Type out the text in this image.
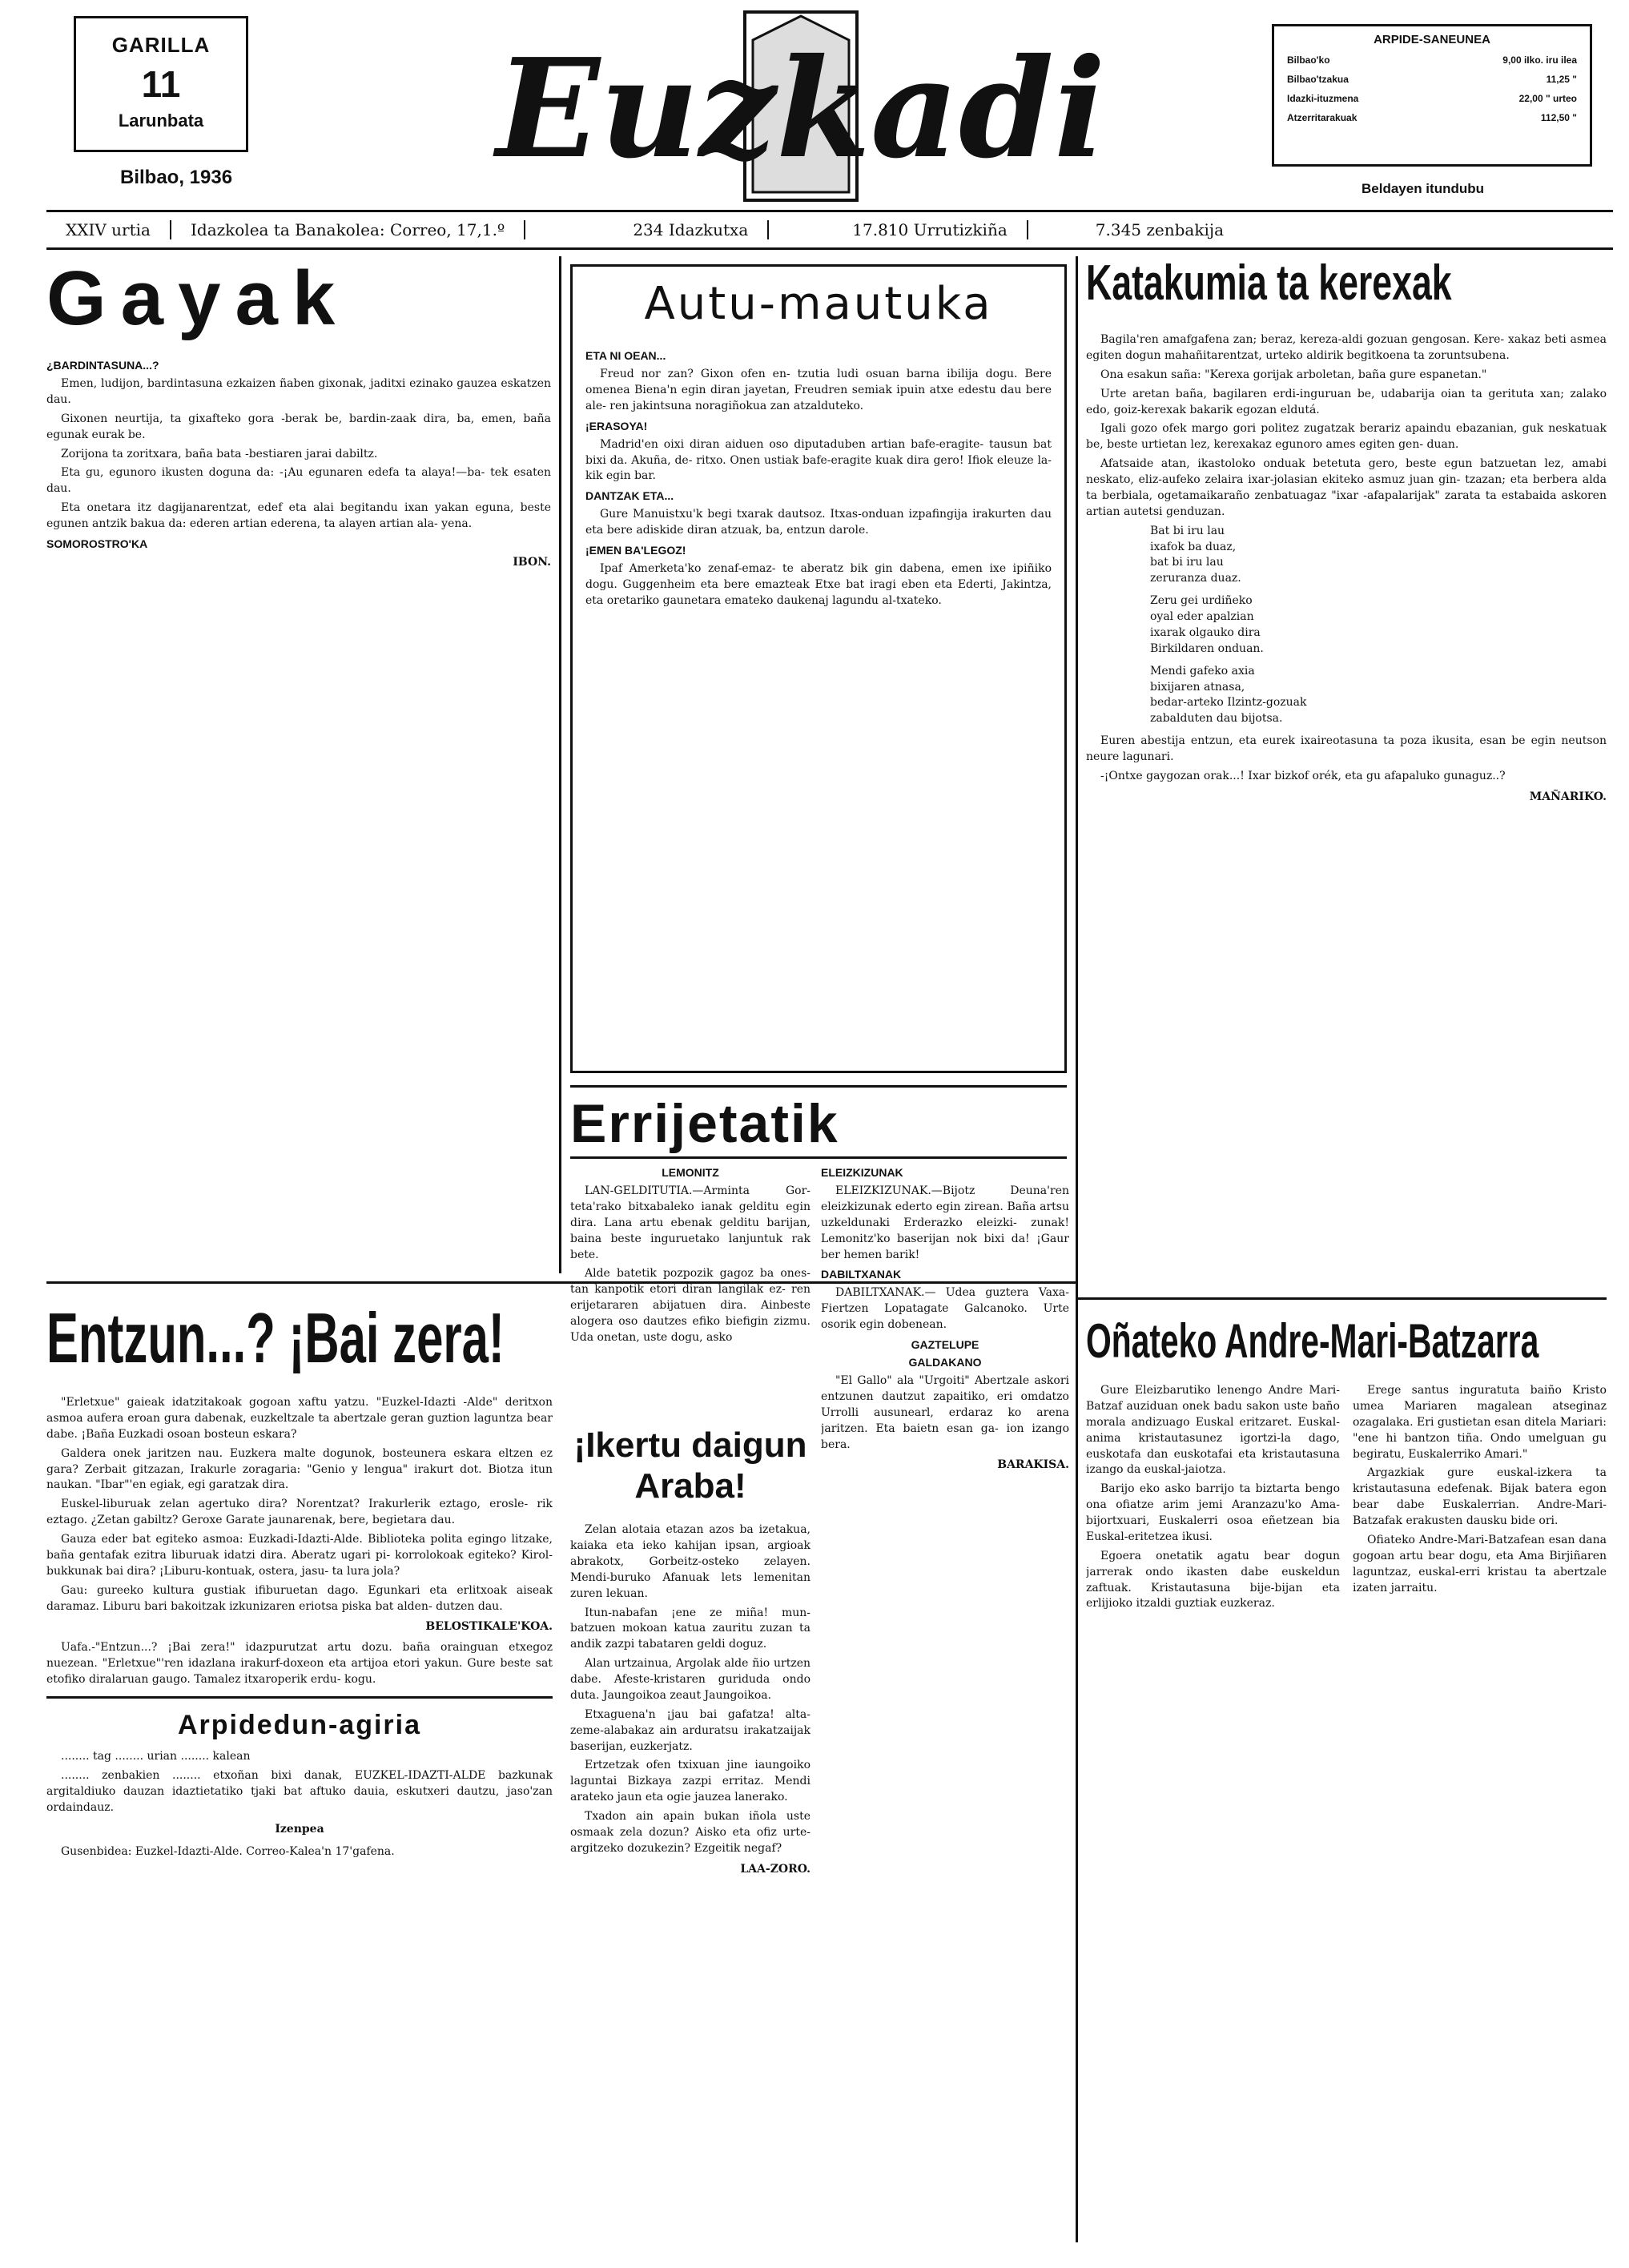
GARILLA
11
Larunbata
Bilbao, 1936 Euzkadi	ARPIDE-SANEUNEA
Bilbao'ko	9,00 iIko. iru ilea
Bilbao'tzakua	11,25 "
Idazki-ituzmena	22,00 " urteo
Atzerritarakuak	112,50 "
Beldayen itundubu
XXIV urtia	Idazkolea ta Banakolea: Correo, 17,1.º	234 Idazkutxa	17.810 Urrutizkiña	7.345 zenbakija
Gayak
¿BARDINTASUNA...?

Emen, ludijon, bardintasuna ezkaizen ñaben gixonak, jaditxi ezinako gauzea eskatzen dau.

Gixonen neurtija, ta gixafteko gora -berak be, bardin-zaak dira, ba, emen, baña egunak eurak be.

Zorijona ta zoritxara, baña bata -bestiaren jarai dabiltz.

Eta gu, egunoro ikusten doguna da: -¡Au egunaren edefa ta alaya!—ba- tek esaten dau.

Eta onetara itz dagijanarentzat, edef eta alai begitandu ixan yakan eguna, beste egunen antzik bakua da: ederen artian ederena, ta alayen artian ala- yena.

SOMOROSTRO'KA
IBON.
Autu-mautuka
ETA NI OEAN...

Freud nor zan? Gixon ofen en- tzutia ludi osuan barna ibilija dogu. Bere omenea Biena'n egin diran jayetan, Freudren semiak ipuin atxe edestu dau bere ale- ren jakintsuna noragiñokua zan atzalduteko.

¡ERASOYA!

Madrid'en oixi diran aiduen oso diputaduben artian bafe-eragite- tausun bat bixi da. Akuña, de- ritxo. Onen ustiak bafe-eragite kuak dira gero! Ifiok eleuze la- kik egin bar.

DANTZAK ETA...

Gure Manuistxu'k begi txarak dautsoz. Itxas-onduan izpafingija irakurten dau eta bere adiskide diran atzuak, ba, entzun darole.

¡EMEN BA'LEGOZ!

Ipaf Amerketa'ko zenaf-emaz- te aberatz bik gin dabena, emen ixe ipiñiko dogu. Guggenheim eta bere emazteak Etxe bat iragi eben eta Ederti, Jakintza, eta oretariko gaunetara emateko daukenaj lagundu al-txateko.

Katakumia ta kerexak

Bagila'ren amafgafena zan; beraz, kereza-aldi gozuan gengosan. Kere- xakaz beti asmea egiten dogun mahañitarentzat, urteko aldirik begitkoena ta zoruntsubena.

Ona esakun saña: "Kerexa gorijak arboletan, baña gure espanetan."

Urte aretan baña, bagilaren erdi-inguruan be, udabarija oian ta gerituta xan; zalako edo, goiz-kerexak bakarik egozan eldutá.

Igali gozo ofek margo gori politez zugatzak berariz apaindu ebazanian, guk neskatuak be, beste urtietan lez, kerexakaz egunoro ames egiten gen- duan.

Afatsaide atan, ikastoloko onduak betetuta gero, beste egun batzuetan lez, amabi neskato, eliz-aufeko zelaira ixar-jolasian ekiteko asmuz juan gin- tzazan; eta berbera alda ta berbiala, ogetamaikaraño zenbatuagaz "ixar -afapalarijak" zarata ta estabaida askoren artian autetsi genduzan.

Bat bi iru lau
ixafok ba duaz,
bat bi iru lau
zeruranza duaz.
Zeru gei urdiñeko
oyal eder apalzian
ixarak olgauko dira
Birkildaren onduan.
Mendi gafeko axia
bixijaren atnasa,
bedar-arteko Ilzintz-gozuak
zabalduten dau bijotsa.

Euren abestija entzun, eta eurek ixaireotasuna ta poza ikusita, esan be egin neutson neure lagunari.

-¡Ontxe gaygozan orak...! Ixar bizkof orék, eta gu afapaluko gunaguz..?

MAÑARIKO.
Errijetatik
LEMONITZ

LAN-GELDITUTIA.—Arminta Gor- teta'rako bitxabaleko ianak gelditu egin dira. Lana artu ebenak gelditu barijan, baina beste inguruetako lanjuntuk rak bete.

Alde batetik pozpozik gagoz ba ones- tan kanpotik etori diran langilak ez- ren erijetararen abijatuen dira. Ainbeste alogera oso dautzes efiko biefigin zizmu. Uda onetan, uste dogu, asko

ELEIZKIZUNAK

ELEIZKIZUNAK.—Bijotz Deuna'ren eleizkizunak ederto egin zirean. Baña artsu uzkeldunaki Erderazko eleizki- zunak! Lemonitz'ko baserijan nok bixi da! ¡Gaur ber hemen barik!

DABILTXANAK

DABILTXANAK.— Udea guztera Vaxa-Fiertzen Lopatagate Galcanoko. Urte osorik egin dobenean.

GAZTELUPE
GALDAKANO

"El Gallo" ala "Urgoiti" Abertzale askori entzunen dautzut zapaitiko, eri omdatzo Urrolli ausunearl, erdaraz ko arena jaritzen. Eta baietn esan ga- ion izango bera.

BARAKISA.
¡Ikertu daigun Araba!

Zelan alotaia etazan azos ba izetakua, kaiaka eta ieko kahijan ipsan, argioak abrakotx, Gorbeitz-osteko zelayen. Mendi-buruko Afanuak lets lemenitan zuren lekuan.

Itun-nabafan ¡ene ze miña! mun-batzuen mokoan katua zauritu zuzan ta andik zazpi tabataren geldi doguz.

Alan urtzainua, Argolak alde ñio urtzen dabe. Afeste-kristaren guriduda ondo duta. Jaungoikoa zeaut Jaungoikoa.

Etxaguena'n ¡jau bai gafatza! alta-zeme-alabakaz ain arduratsu irakatzaijak baserijan, euzkerjatz.

Ertzetzak ofen txixuan jine iaungoiko laguntai Bizkaya zazpi erritaz. Mendi arateko jaun eta ogie jauzea lanerako.

Txadon ain apain bukan iñola uste osmaak zela dozun? Aisko eta ofiz urte-argitzeko dozukezin? Ezgeitik negaf?

LAA-ZORO.
Entzun...? ¡Bai zera!

"Erletxue" gaieak idatzitakoak gogoan xaftu yatzu. "Euzkel-Idazti -Alde" deritxon asmoa aufera eroan gura dabenak, euzkeltzale ta abertzale geran guztion laguntza bear dabe. ¡Baña Euzkadi osoan bosteun eskara?

Galdera onek jaritzen nau. Euzkera malte dogunok, bosteunera eskara eltzen ez gara? Zerbait gitzazan, Irakurle zoragaria: "Genio y lengua" irakurt dot. Biotza itun naukan. "Ibar"'en egiak, egi garatzak dira.

Euskel-liburuak zelan agertuko dira? Norentzat? Irakurlerik eztago, erosle- rik eztago. ¿Zetan gabiltz? Geroxe Garate jaunarenak, bere, begietara dau.

Gauza eder bat egiteko asmoa: Euzkadi-Idazti-Alde. Biblioteka polita egingo litzake, baña gentafak ezitra liburuak idatzi dira. Aberatz ugari pi- korrolokoak egiteko? Kirol-bukkunak bai dira? ¡Liburu-kontuak, ostera, jasu- ta lura jola?

Gau: gureeko kultura gustiak ifiburuetan dago. Egunkari eta erlitxoak aiseak daramaz. Liburu bari bakoitzak izkunizaren eriotsa piska bat alden- dutzen dau.

BELOSTIKALE'KOA.

Uafa.-"Entzun...? ¡Bai zera!" idazpurutzat artu dozu. baña orainguan etxegoz nuezean. "Erletxue"'ren idazlana irakurf-doxeon eta artijoa etori yakun. Gure beste sat etofiko diralaruan gaugo. Tamalez itxaroperik erdu- kogu.

Arpidedun-agiria

........ tag ........ urian ........ kalean

........ zenbakien ........ etxoñan bixi danak, EUZKEL-IDAZTI-ALDE bazkunak argitaldiuko dauzan idaztietatiko tjaki bat aftuko dauia, eskutxeri dautzu, jaso'zan ordaindauz.

Izenpea

Gusenbidea: Euzkel-Idazti-Alde. Correo-Kalea'n 17'gafena.

Oñateko Andre-Mari-Batzarra

Gure Eleizbarutiko lenengo Andre Mari-Batzaf auziduan onek badu sakon uste baño morala andizuago Euskal eritzaret. Euskal-anima kristautasunez igortzi-la dago, euskotafa dan euskotafai eta kristautasuna izango da euskal-jaiotza.

Barijo eko asko barrijo ta biztarta bengo ona ofiatze arim jemi Aranzazu'ko Ama-bijortxuari, Euskalerri osoa eñetzean bia Euskal-eritetzea ikusi.

Egoera onetatik agatu bear dogun jarrerak ondo ikasten dabe euskeldun zaftuak. Kristautasuna bije-bijan eta erlijioko itzaldi guztiak euzkeraz.

Erege santus inguratuta baiño Kristo umea Mariaren magalean atseginaz ozagalaka. Eri gustietan esan ditela Mariari: "ene hi bantzon tiña. Ondo umelguan gu begiratu, Euskalerriko Amari."

Argazkiak gure euskal-izkera ta kristautasuna edefenak. Bijak batera egon bear dabe Euskalerrian. Andre-Mari-Batzafak erakusten dausku bide ori.

Ofiateko Andre-Mari-Batzafean esan dana gogoan artu bear dogu, eta Ama Birjiñaren laguntzaz, euskal-erri kristau ta abertzale izaten jarraitu.
